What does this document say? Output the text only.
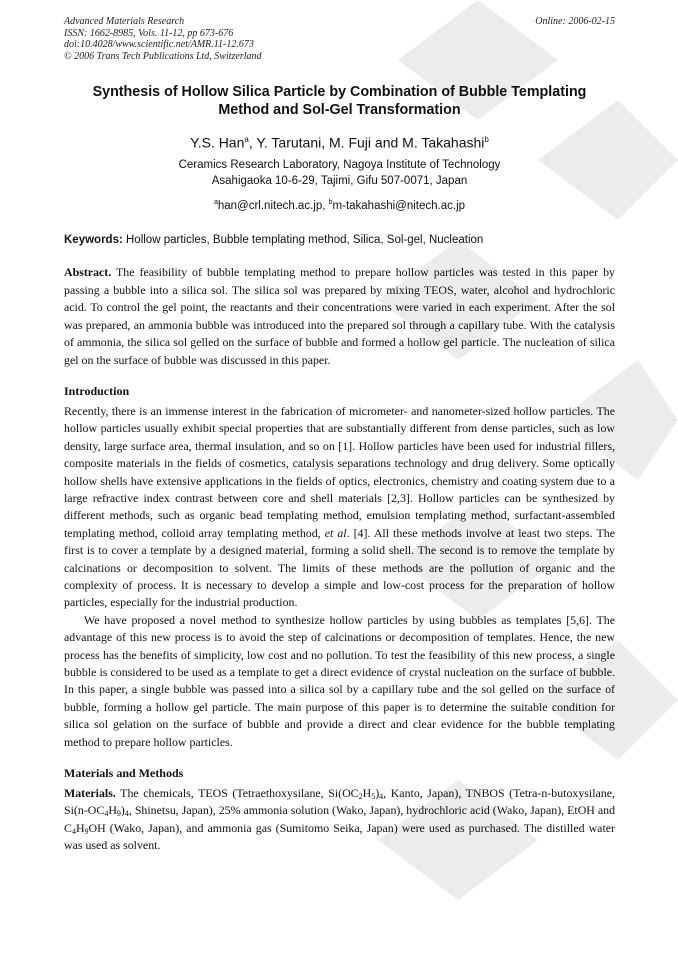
Advanced Materials Research
ISSN: 1662-8985, Vols. 11-12, pp 673-676
doi:10.4028/www.scientific.net/AMR.11-12.673
© 2006 Trans Tech Publications Ltd, Switzerland
Online: 2006-02-15
Synthesis of Hollow Silica Particle by Combination of Bubble Templating
Method and Sol-Gel Transformation
Y.S. Han$^a$, Y. Tarutani, M. Fuji and M. Takahashi$^b$
Ceramics Research Laboratory, Nagoya Institute of Technology
Asahigaoka 10-6-29, Tajimi, Gifu 507-0071, Japan
$^a$han@crl.nitech.ac.jp, $^b$m-takahashi@nitech.ac.jp
Keywords: Hollow particles, Bubble templating method, Silica, Sol-gel, Nucleation

Abstract. The feasibility of bubble templating method to prepare hollow particles was tested in this paper by passing a bubble into a silica sol. The silica sol was prepared by mixing TEOS, water, alcohol and hydrochloric acid. To control the gel point, the reactants and their concentrations were varied in each experiment. After the sol was prepared, an ammonia bubble was introduced into the prepared sol through a capillary tube. With the catalysis of ammonia, the silica sol gelled on the surface of bubble and formed a hollow gel particle. The nucleation of silica gel on the surface of bubble was discussed in this paper.

Introduction

Recently, there is an immense interest in the fabrication of micrometer- and nanometer-sized hollow particles. The hollow particles usually exhibit special properties that are substantially different from dense particles, such as low density, large surface area, thermal insulation, and so on [1]. Hollow particles have been used for industrial fillers, composite materials in the fields of cosmetics, catalysis separations technology and drug delivery. Some optically hollow shells have extensive applications in the fields of optics, electronics, chemistry and coating system due to a large refractive index contrast between core and shell materials [2,3]. Hollow particles can be synthesized by different methods, such as organic bead templating method, emulsion templating method, surfactant-assembled templating method, colloid array templating method, et al. [4]. All these methods involve at least two steps. The first is to cover a template by a designed material, forming a solid shell. The second is to remove the template by calcinations or decomposition to solvent. The limits of these methods are the pollution of organic and the complexity of process. It is necessary to develop a simple and low-cost process for the preparation of hollow particles, especially for the industrial production.

We have proposed a novel method to synthesize hollow particles by using bubbles as templates [5,6]. The advantage of this new process is to avoid the step of calcinations or decomposition of templates. Hence, the new process has the benefits of simplicity, low cost and no pollution. To test the feasibility of this new process, a single bubble is considered to be used as a template to get a direct evidence of crystal nucleation on the surface of bubble. In this paper, a single bubble was passed into a silica sol by a capillary tube and the sol gelled on the surface of bubble, forming a hollow gel particle. The main purpose of this paper is to determine the suitable condition for silica sol gelation on the surface of bubble and provide a direct and clear evidence for the bubble templating method to prepare hollow particles.

Materials and Methods

Materials. The chemicals, TEOS (Tetraethoxysilane, $Si(OC_2H_5)_4$, Kanto, Japan), TNBOS (Tetra-n-butoxysilane, $Si(n-OC_4H_9)_4$, Shinetsu, Japan), 25% ammonia solution (Wako, Japan), hydrochloric acid (Wako, Japan), EtOH and $C_4H_9OH$ (Wako, Japan), and ammonia gas (Sumitomo Seika, Japan) were used as purchased. The distilled water was used as solvent.
